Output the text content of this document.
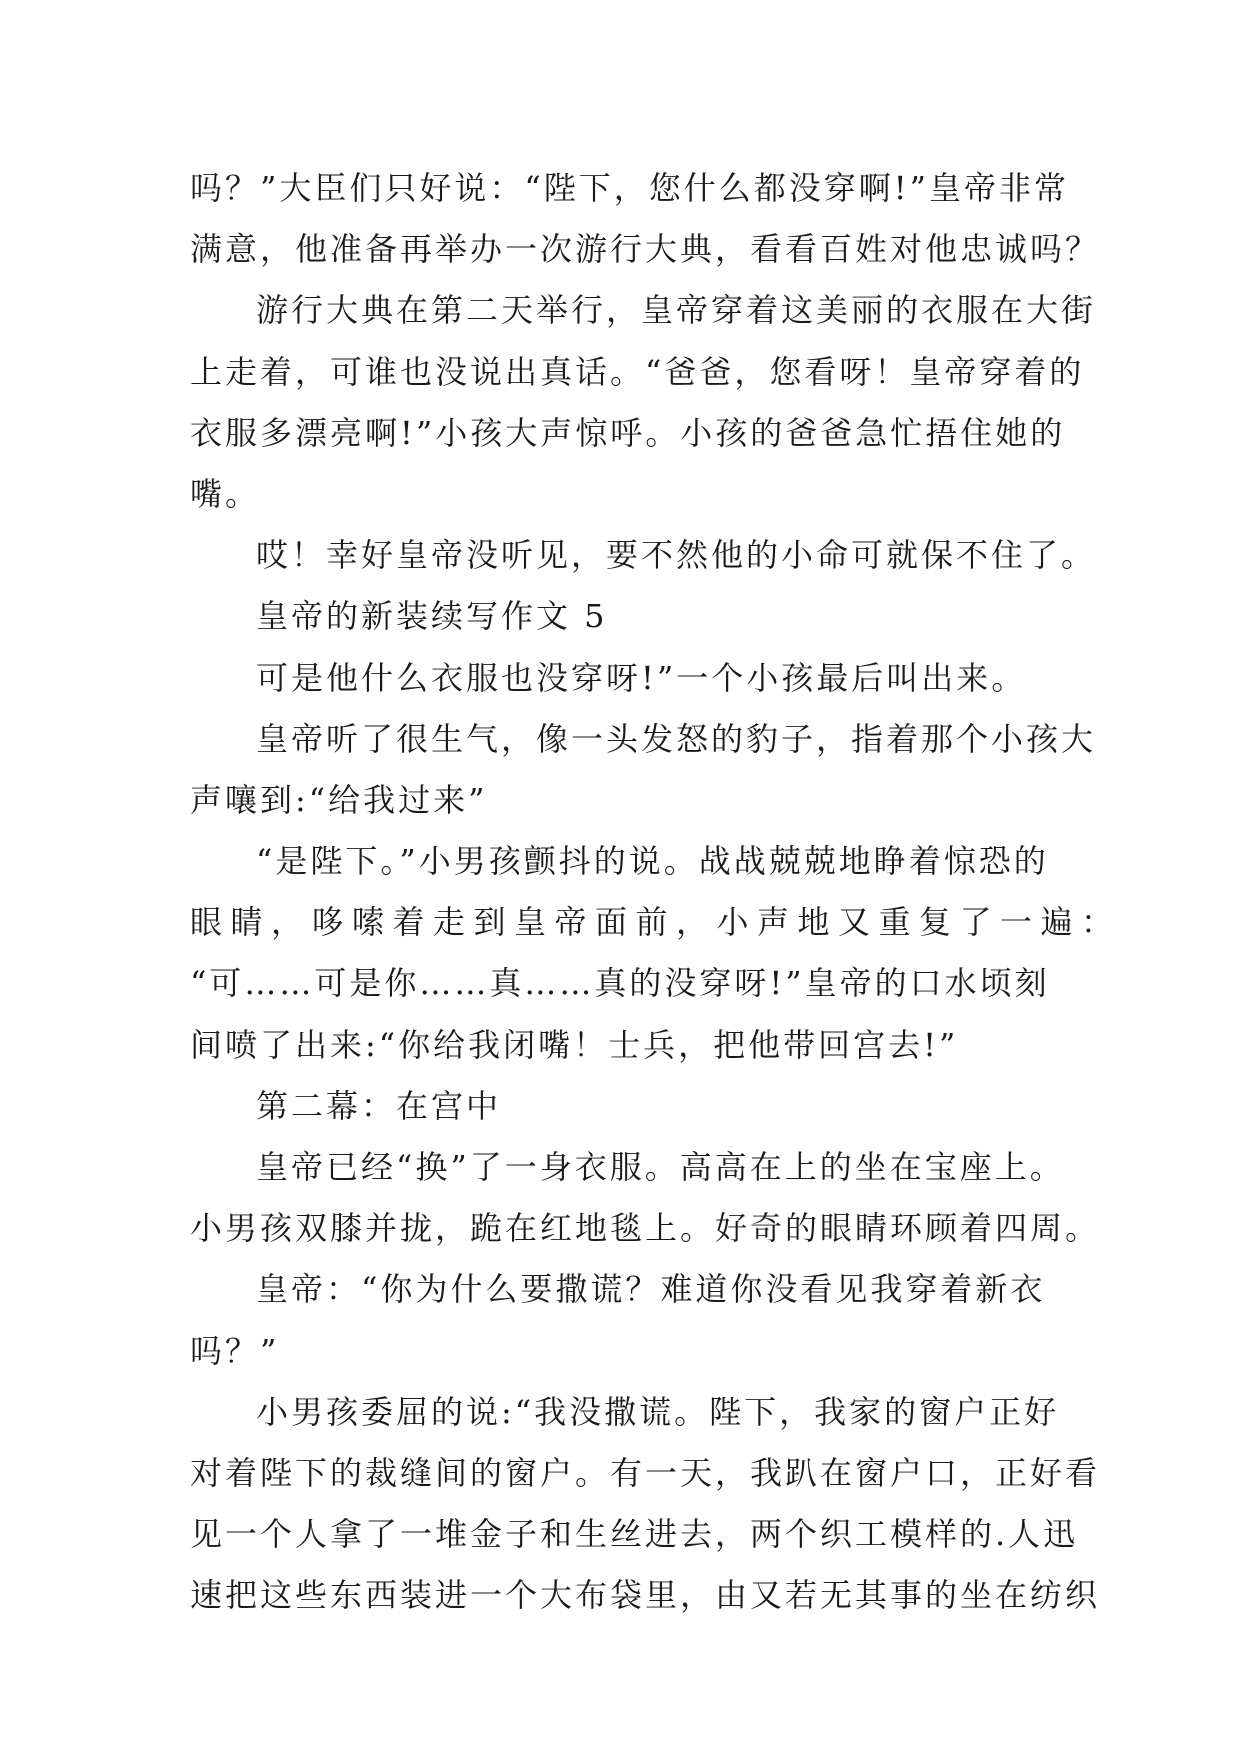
吗？”大臣们只好说：“陛下，您什么都没穿啊!”皇帝非常
满意，他准备再举办一次游行大典，看看百姓对他忠诚吗？
游行大典在第二天举行，皇帝穿着这美丽的衣服在大街
上走着，可谁也没说出真话。“爸爸，您看呀！皇帝穿着的
衣服多漂亮啊!”小孩大声惊呼。小孩的爸爸急忙捂住她的
嘴。
哎！幸好皇帝没听见，要不然他的小命可就保不住了。
皇帝的新装续写作文 5
可是他什么衣服也没穿呀!”一个小孩最后叫出来。
皇帝听了很生气，像一头发怒的豹子，指着那个小孩大
声嚷到:“给我过来”
“是陛下。”小男孩颤抖的说。战战兢兢地睁着惊恐的
眼睛，哆嗦着走到皇帝面前，小声地又重复了一遍：
“可……可是你……真……真的没穿呀!”皇帝的口水顷刻
间喷了出来:“你给我闭嘴！士兵，把他带回宫去!”
第二幕：在宫中
皇帝已经“换”了一身衣服。高高在上的坐在宝座上。
小男孩双膝并拢，跪在红地毯上。好奇的眼睛环顾着四周。
皇帝：“你为什么要撒谎？难道你没看见我穿着新衣
吗？”
小男孩委屈的说:“我没撒谎。陛下，我家的窗户正好
对着陛下的裁缝间的窗户。有一天，我趴在窗户口，正好看
见一个人拿了一堆金子和生丝进去，两个织工模样的.人迅
速把这些东西装进一个大布袋里，由又若无其事的坐在纺织
